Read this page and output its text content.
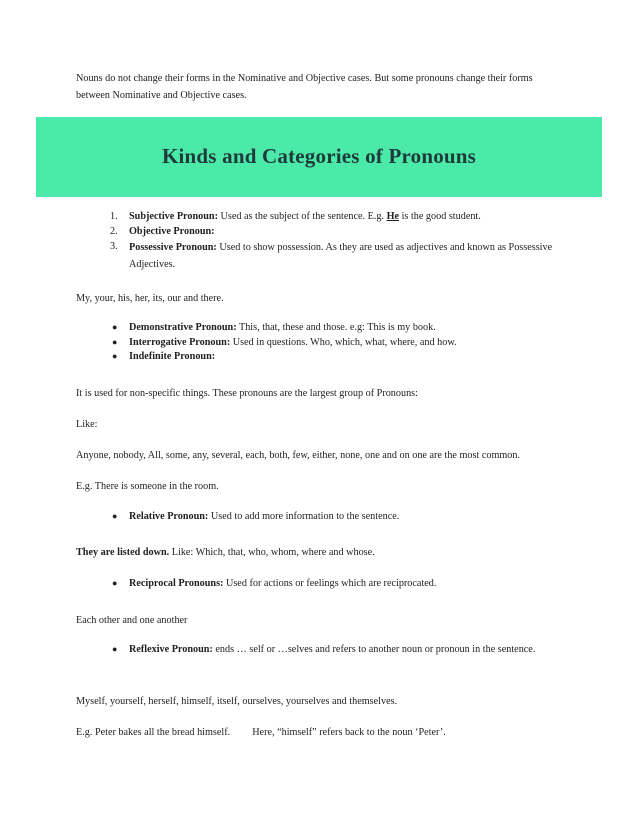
Nouns do not change their forms in the Nominative and Objective cases. But some pronouns change their forms between Nominative and Objective cases.
Kinds and Categories of Pronouns
1. Subjective Pronoun: Used as the subject of the sentence. E.g. He is the good student.
2. Objective Pronoun:
3. Possessive Pronoun: Used to show possession. As they are used as adjectives and known as Possessive Adjectives.
My, your, his, her, its, our and there.
● Demonstrative Pronoun: This, that, these and those. e.g: This is my book.
● Interrogative Pronoun: Used in questions. Who, which, what, where, and how.
● Indefinite Pronoun:
It is used for non-specific things. These pronouns are the largest group of Pronouns:
Like:
Anyone, nobody, All, some, any, several, each, both, few, either, none, one and on one are the most common.
E.g. There is someone in the room.
● Relative Pronoun: Used to add more information to the sentence.
They are listed down. Like: Which, that, who, whom, where and whose.
● Reciprocal Pronouns: Used for actions or feelings which are reciprocated.
Each other and one another
● Reflexive Pronoun: ends … self or …selves and refers to another noun or pronoun in the sentence.
Myself, yourself, herself, himself, itself, ourselves, yourselves and themselves.
E.g. Peter bakes all the bread himself. Here, “himself” refers back to the noun ‘Peter’.
